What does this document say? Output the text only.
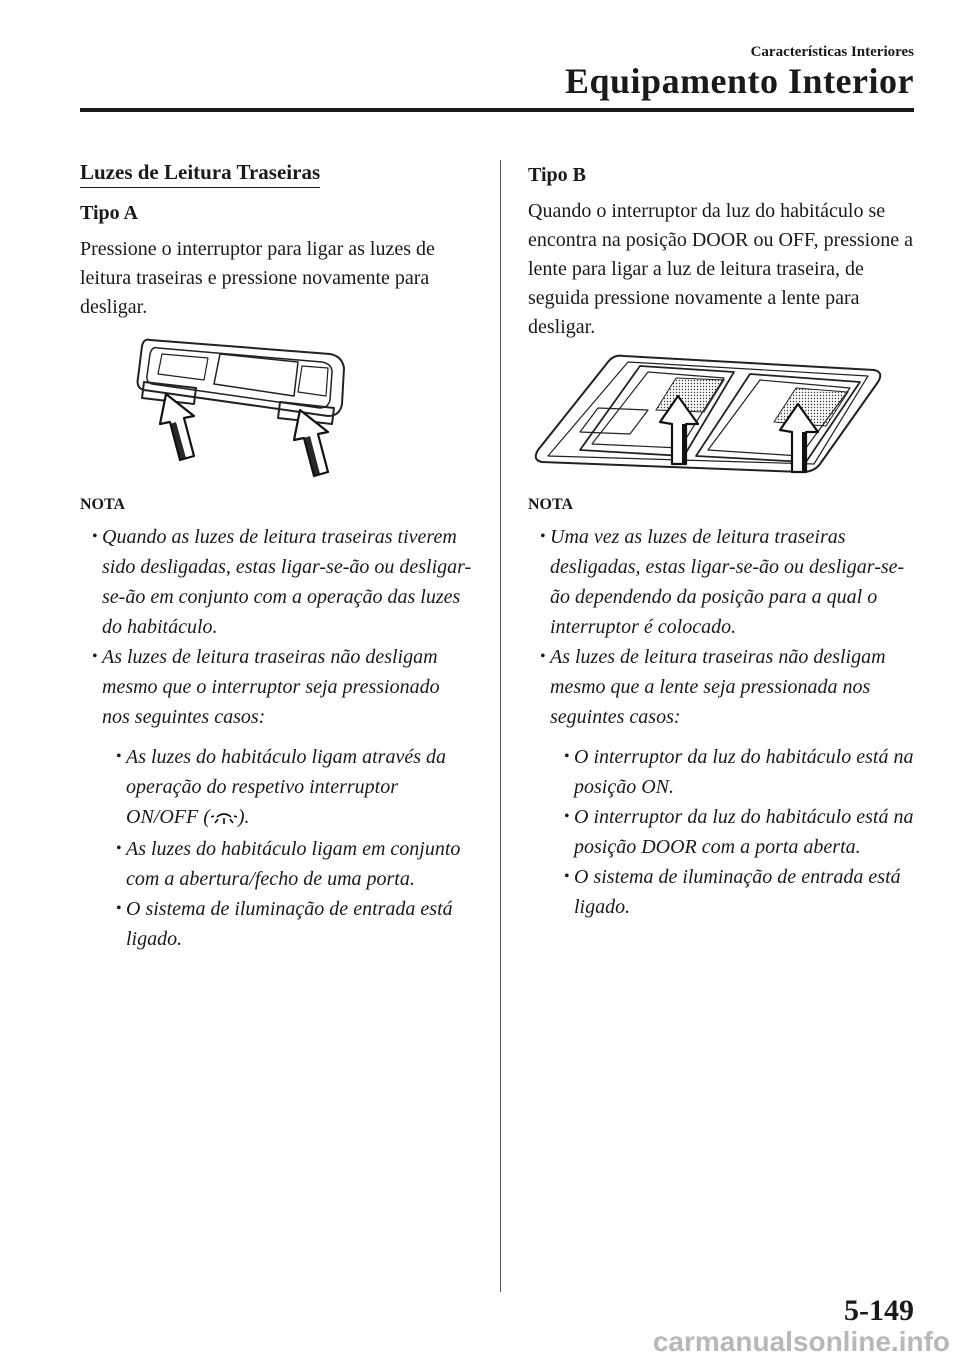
Características Interiores
Equipamento Interior
Luzes de Leitura Traseiras
Tipo A

Pressione o interruptor para ligar as luzes de leitura traseiras e pressione novamente para desligar.

NOTA
• Quando as luzes de leitura traseiras tiverem sido desligadas, estas ligar-se-ão ou desligar-se-ão em conjunto com a operação das luzes do habitáculo.
• As luzes de leitura traseiras não desligam mesmo que o interruptor seja pressionado nos seguintes casos:
• As luzes do habitáculo ligam através da operação do respetivo interruptor ON/OFF ( ).
• As luzes do habitáculo ligam em conjunto com a abertura/fecho de uma porta.
• O sistema de iluminação de entrada está ligado.
Tipo B

Quando o interruptor da luz do habitáculo se encontra na posição DOOR ou OFF, pressione a lente para ligar a luz de leitura traseira, de seguida pressione novamente a lente para desligar.

NOTA
• Uma vez as luzes de leitura traseiras desligadas, estas ligar-se-ão ou desligar-se-ão dependendo da posição para a qual o interruptor é colocado.
• As luzes de leitura traseiras não desligam mesmo que a lente seja pressionada nos seguintes casos:
• O interruptor da luz do habitáculo está na posição ON.
• O interruptor da luz do habitáculo está na posição DOOR com a porta aberta.
• O sistema de iluminação de entrada está ligado.
5-149
carmanualsonline.info
